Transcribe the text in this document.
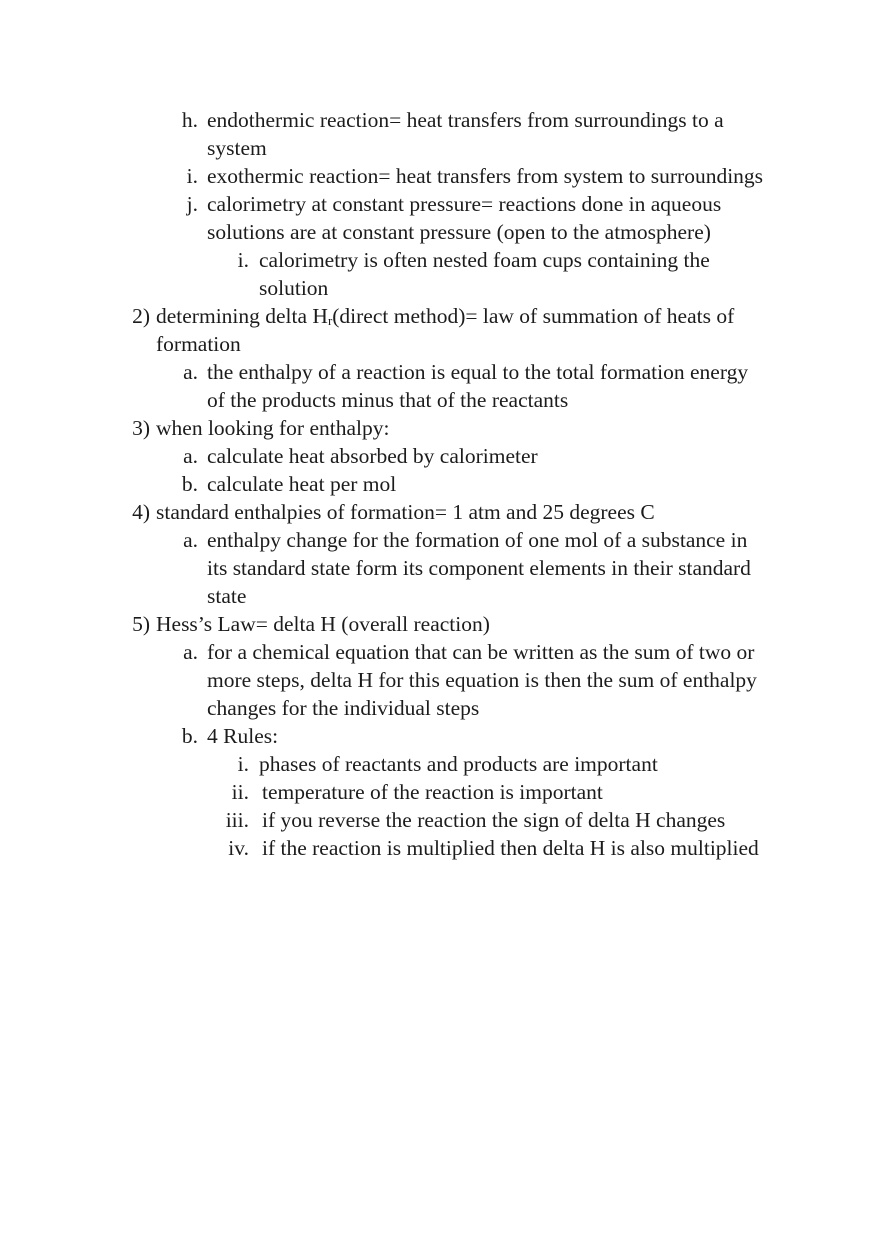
h. endothermic reaction= heat transfers from surroundings to a system
i. exothermic reaction= heat transfers from system to surroundings
j. calorimetry at constant pressure= reactions done in aqueous solutions are at constant pressure (open to the atmosphere)
i. calorimetry is often nested foam cups containing the solution
2) determining delta $H_r(direct$ method)= law of summation of heats of formation
a. the enthalpy of a reaction is equal to the total formation energy of the products minus that of the reactants
3) when looking for enthalpy:
a. calculate heat absorbed by calorimeter
b. calculate heat per mol
4) standard enthalpies of formation= 1 atm and 25 degrees C
a. enthalpy change for the formation of one mol of a substance in its standard state form its component elements in their standard state
5) Hess’s Law= delta H (overall reaction)
a. for a chemical equation that can be written as the sum of two or more steps, delta H for this equation is then the sum of enthalpy changes for the individual steps
b. 4 Rules:
i. phases of reactants and products are important
ii. temperature of the reaction is important
iii. if you reverse the reaction the sign of delta H changes
iv. if the reaction is multiplied then delta H is also multiplied
